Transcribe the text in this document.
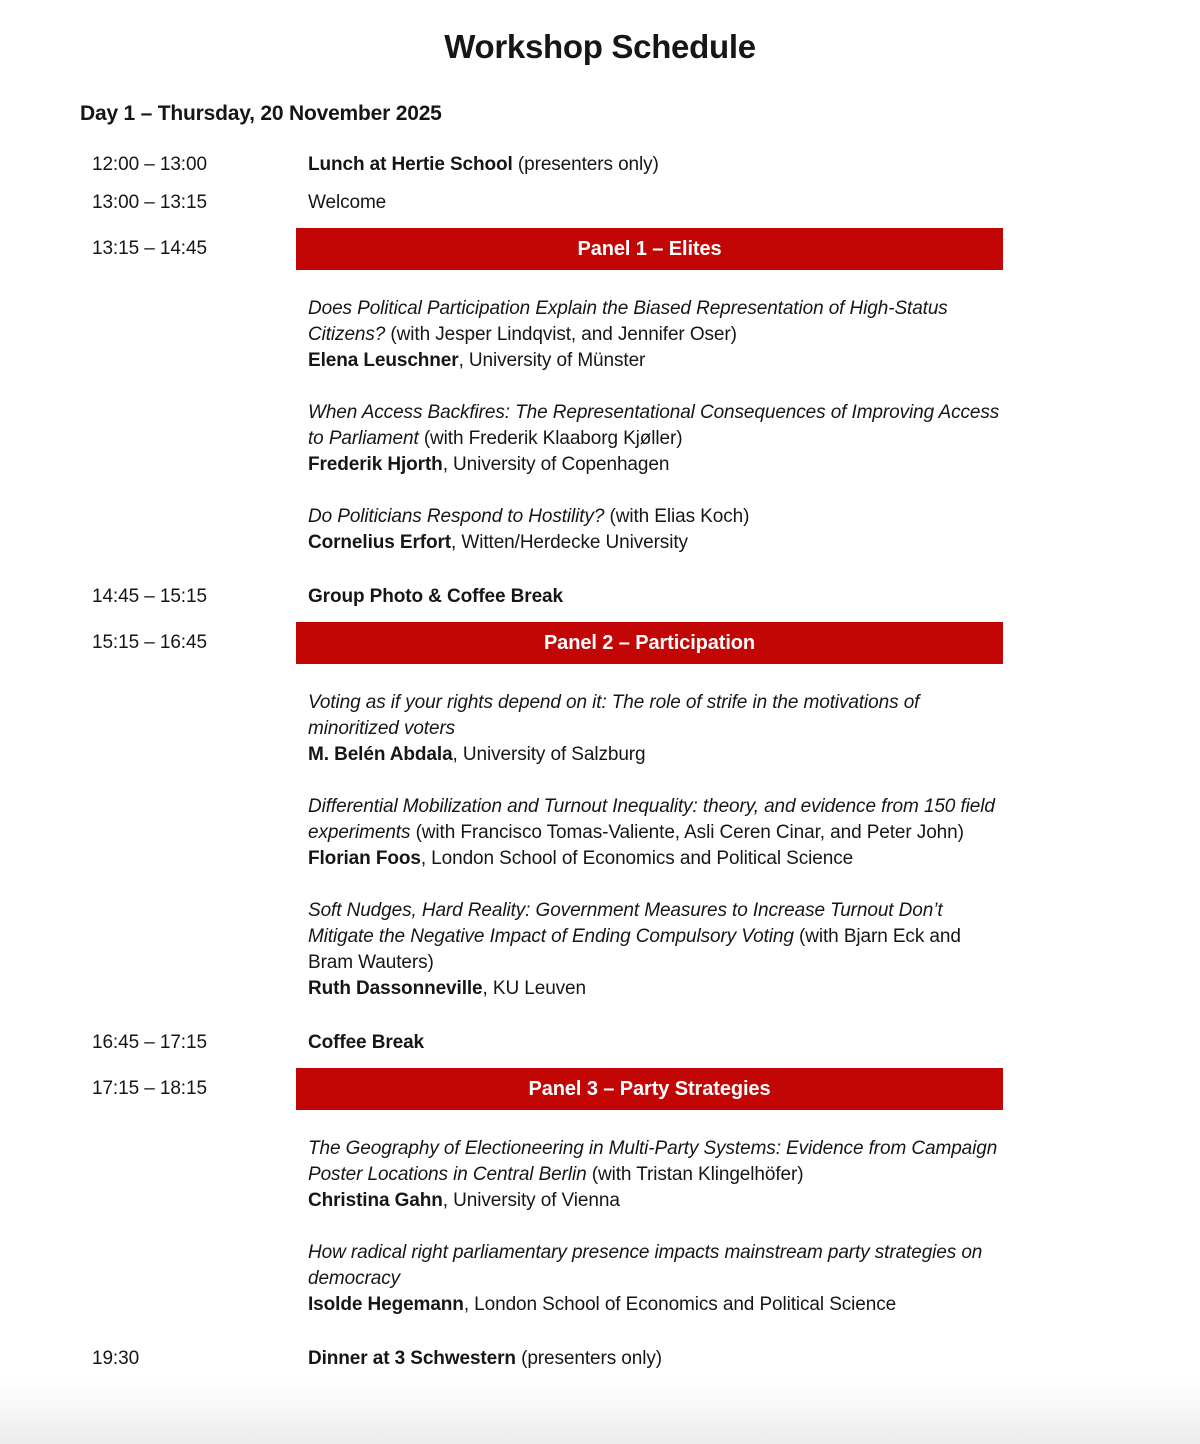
Workshop Schedule
Day 1 – Thursday, 20 November 2025
12:00 – 13:00	Lunch at Hertie School (presenters only)
13:00 – 13:15	Welcome
13:15 – 14:45	Panel 1 – Elites
Does Political Participation Explain the Biased Representation of High-Status Citizens? (with Jesper Lindqvist, and Jennifer Oser)
Elena Leuschner, University of Münster
When Access Backfires: The Representational Consequences of Improving Access to Parliament (with Frederik Klaaborg Kjøller)
Frederik Hjorth, University of Copenhagen
Do Politicians Respond to Hostility? (with Elias Koch)
Cornelius Erfort, Witten/Herdecke University
14:45 – 15:15	Group Photo & Coffee Break
15:15 – 16:45	Panel 2 – Participation
Voting as if your rights depend on it: The role of strife in the motivations of minoritized voters
M. Belén Abdala, University of Salzburg
Differential Mobilization and Turnout Inequality: theory, and evidence from 150 field experiments (with Francisco Tomas-Valiente, Asli Ceren Cinar, and Peter John)
Florian Foos, London School of Economics and Political Science
Soft Nudges, Hard Reality: Government Measures to Increase Turnout Don’t Mitigate the Negative Impact of Ending Compulsory Voting (with Bjarn Eck and Bram Wauters)
Ruth Dassonneville, KU Leuven
16:45 – 17:15	Coffee Break
17:15 – 18:15	Panel 3 – Party Strategies
The Geography of Electioneering in Multi-Party Systems: Evidence from Campaign Poster Locations in Central Berlin (with Tristan Klingelhöfer)
Christina Gahn, University of Vienna
How radical right parliamentary presence impacts mainstream party strategies on democracy
Isolde Hegemann, London School of Economics and Political Science
19:30	Dinner at 3 Schwestern (presenters only)
